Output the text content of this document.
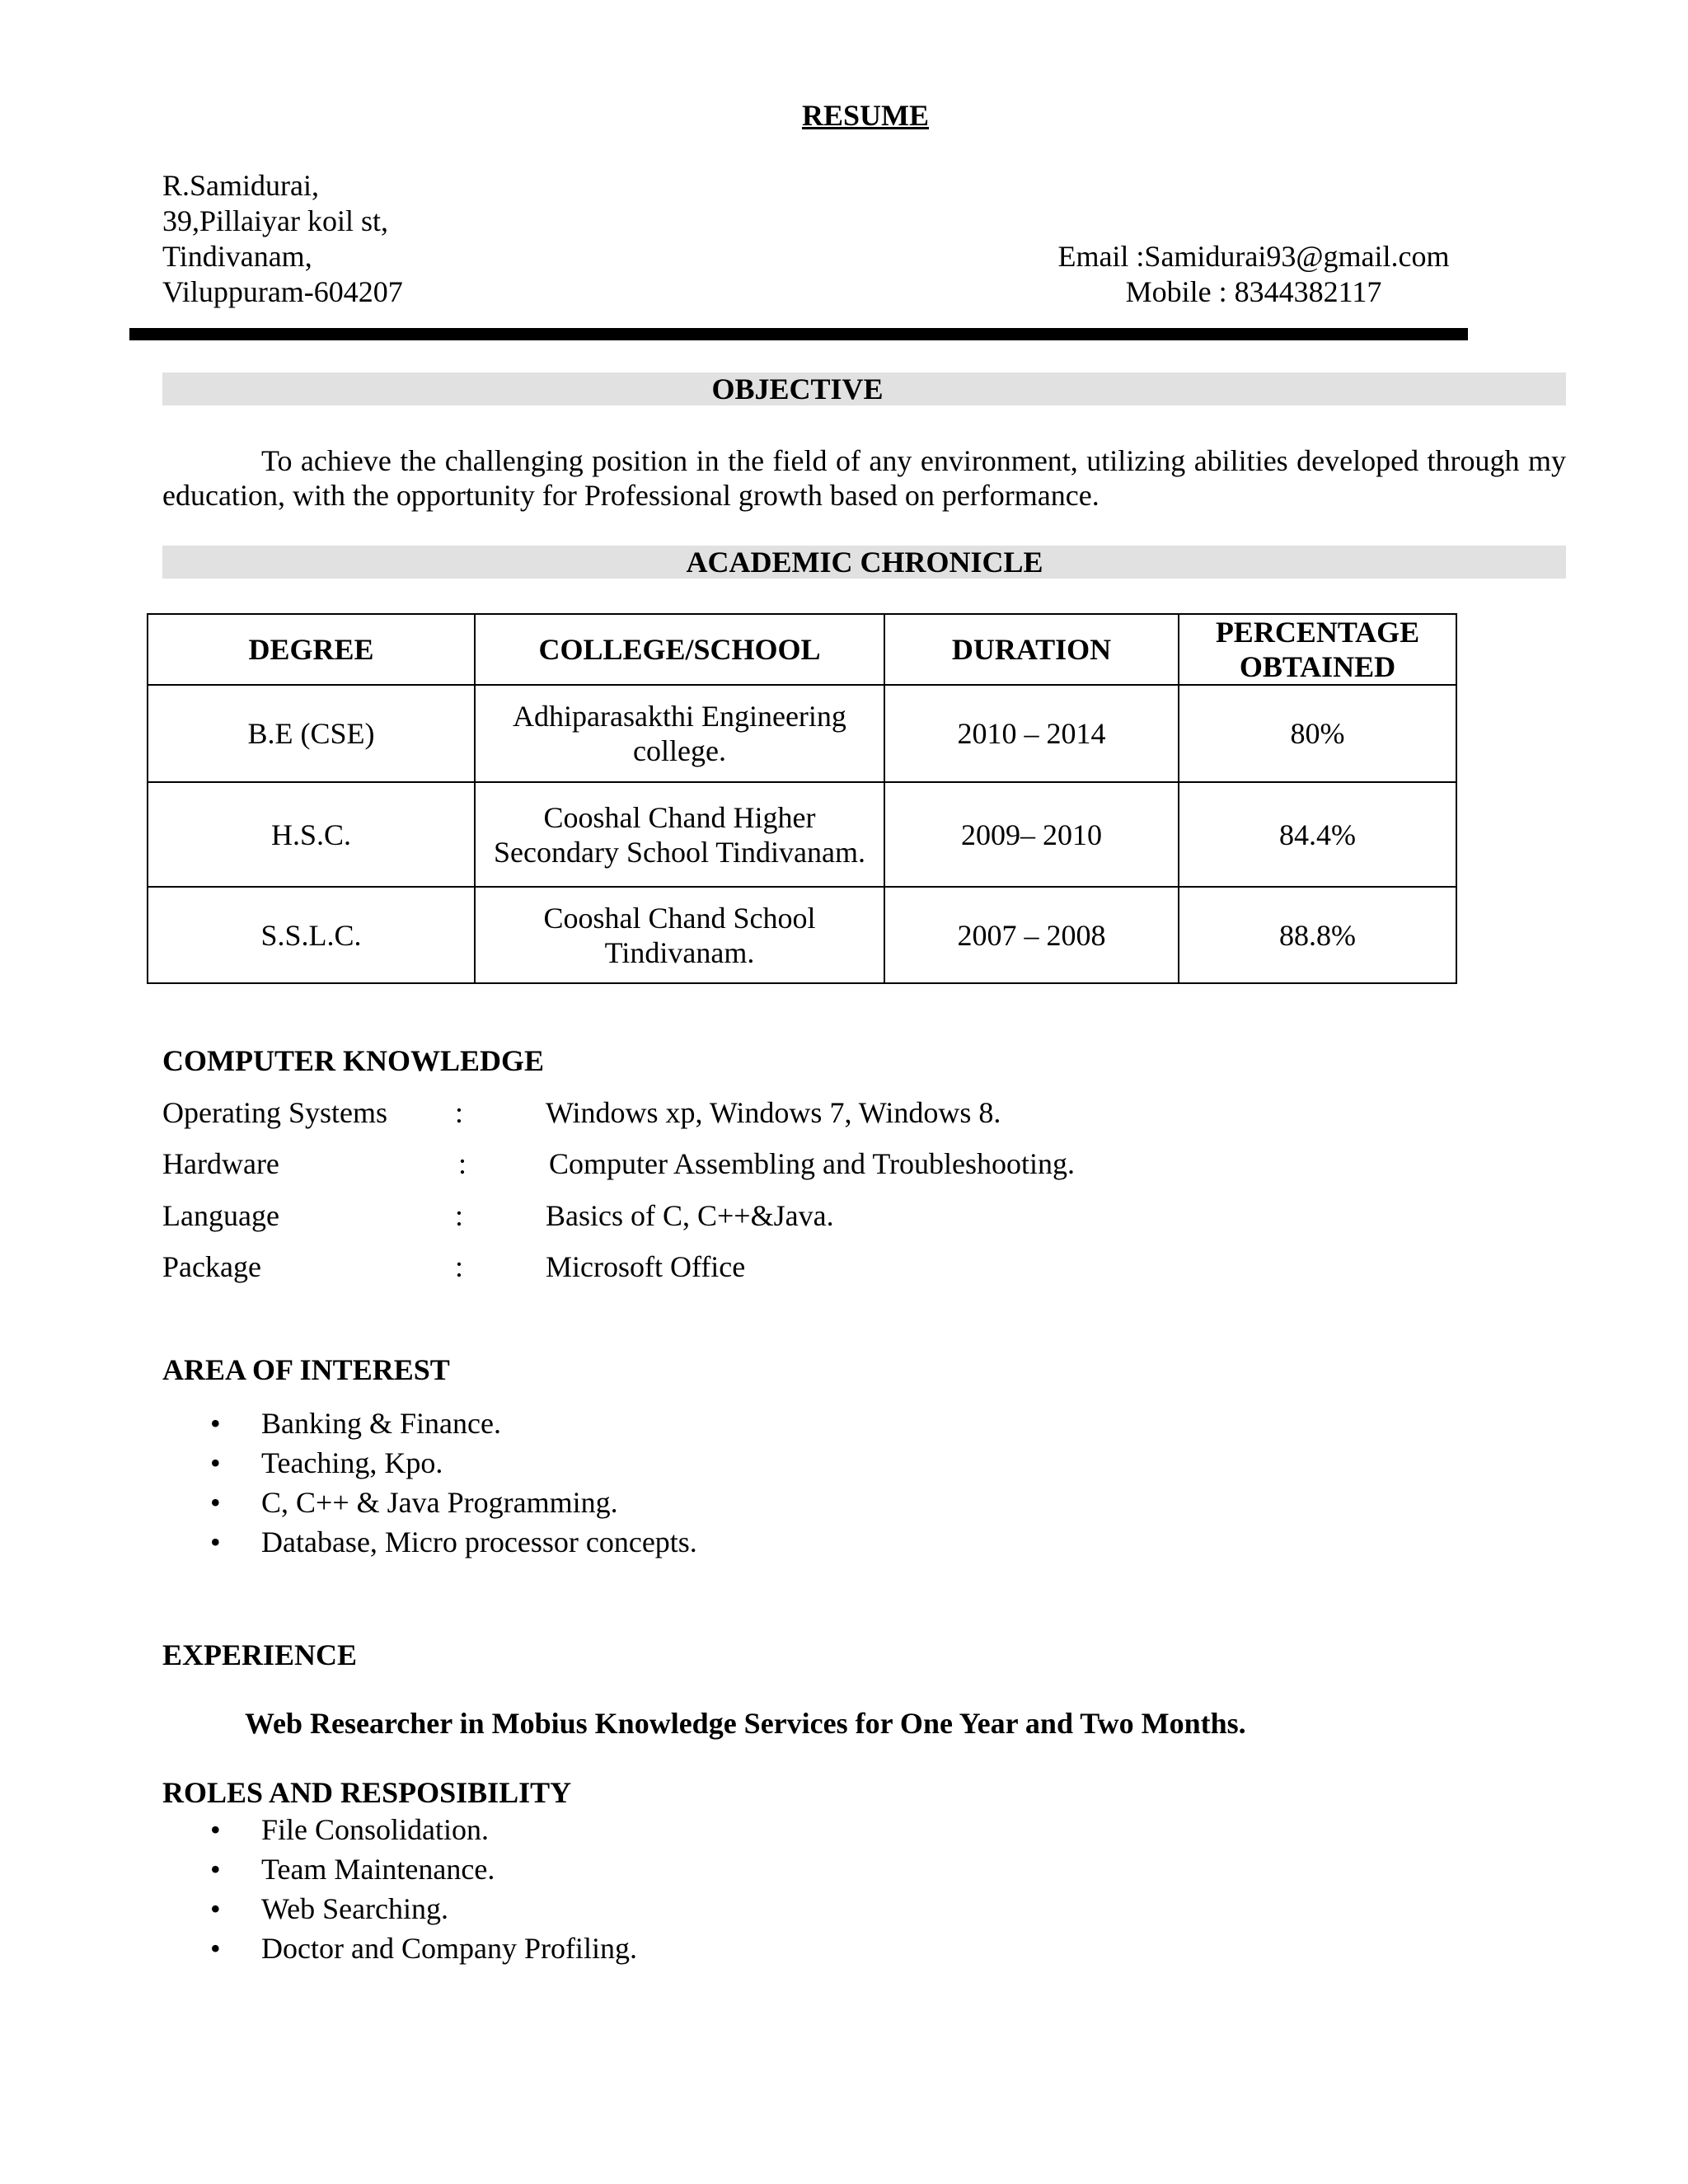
RESUME
R.Samidurai,
39,Pillaiyar koil st,
Tindivanam,
Viluppuram-604207
Email :Samidurai93@gmail.com
Mobile : 8344382117
OBJECTIVE
To achieve the challenging position in the field of any environment, utilizing abilities developed through my education, with the opportunity for Professional growth based on performance.
ACADEMIC CHRONICLE
DEGREE	COLLEGE/SCHOOL	DURATION	PERCENTAGE OBTAINED
B.E (CSE)	Adhiparasakthi Engineering college.	2010 – 2014	80%
H.S.C.	Cooshal Chand Higher Secondary School Tindivanam.	2009– 2010	84.4%
S.S.L.C.	Cooshal Chand School Tindivanam.	2007 – 2008	88.8%
COMPUTER KNOWLEDGE
Operating Systems :	Windows xp, Windows 7, Windows 8.
Hardware	:	Computer Assembling and Troubleshooting.
Language	:	Basics of C, C++&Java.
Package	:	Microsoft Office
AREA OF INTEREST
• Banking & Finance.
• Teaching, Kpo.
• C, C++ & Java Programming.
• Database, Micro processor concepts.
EXPERIENCE
Web Researcher in Mobius Knowledge Services for One Year and Two Months.
ROLES AND RESPOSIBILITY
• File Consolidation.
• Team Maintenance.
• Web Searching.
• Doctor and Company Profiling.
